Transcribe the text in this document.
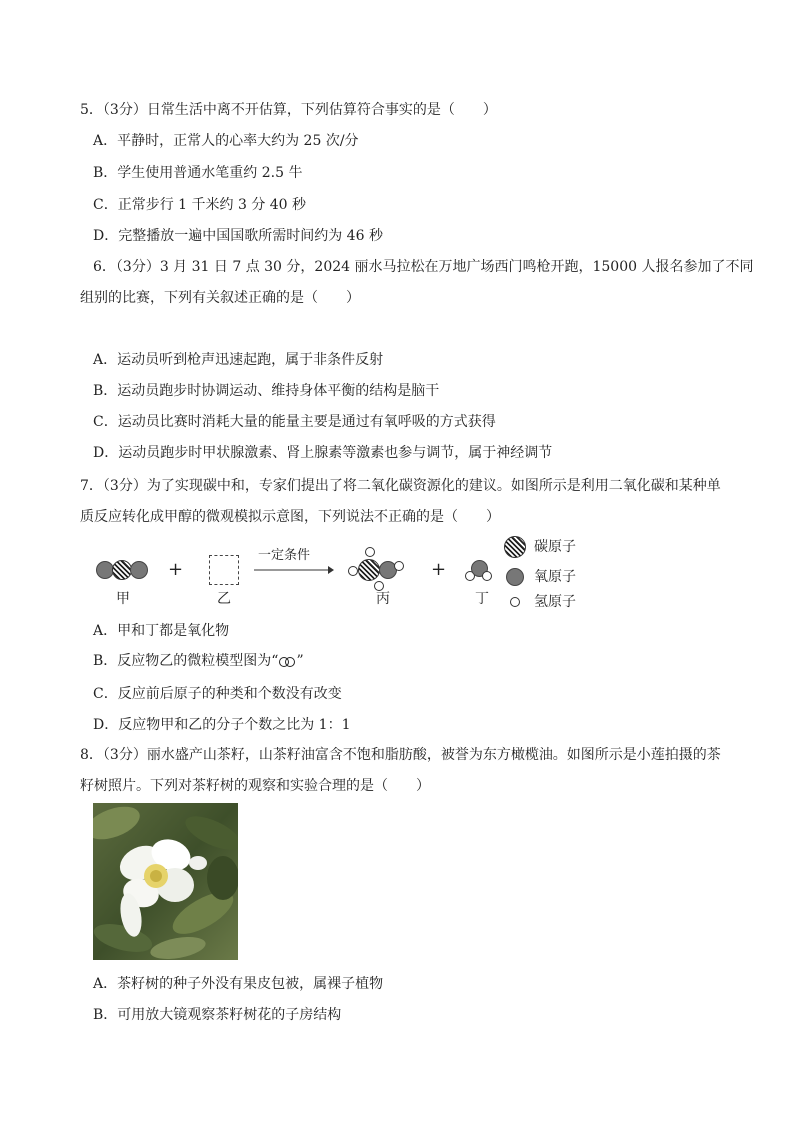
5．（3分）日常生活中离不开估算，下列估算符合事实的是（　　）
A．平静时，正常人的心率大约为 25 次/分
B．学生使用普通水笔重约 2.5 牛
C．正常步行 1 千米约 3 分 40 秒
D．完整播放一遍中国国歌所需时间约为 46 秒
6．（3分）3 月 31 日 7 点 30 分，2024 丽水马拉松在万地广场西门鸣枪开跑，15000 人报名参加了不同
组别的比赛，下列有关叙述正确的是（　　）
A．运动员听到枪声迅速起跑，属于非条件反射
B．运动员跑步时协调运动、维持身体平衡的结构是脑干
C．运动员比赛时消耗大量的能量主要是通过有氧呼吸的方式获得
D．运动员跑步时甲状腺激素、肾上腺素等激素也参与调节，属于神经调节
7．（3分）为了实现碳中和，专家们提出了将二氧化碳资源化的建议。如图所示是利用二氧化碳和某种单
质反应转化成甲醇的微观模拟示意图，下列说法不正确的是（　　）
甲
+
乙
一定条件
丙
+
丁
碳原子
氧原子
氢原子
A．甲和丁都是氧化物
B．反应物乙的微粒模型图为“ ”
C．反应前后原子的种类和个数没有改变
D．反应物甲和乙的分子个数之比为 1：1
8．（3分）丽水盛产山茶籽，山茶籽油富含不饱和脂肪酸，被誉为东方橄榄油。如图所示是小莲拍摄的茶
籽树照片。下列对茶籽树的观察和实验合理的是（　　）
A．茶籽树的种子外没有果皮包被，属裸子植物
B．可用放大镜观察茶籽树花的子房结构
